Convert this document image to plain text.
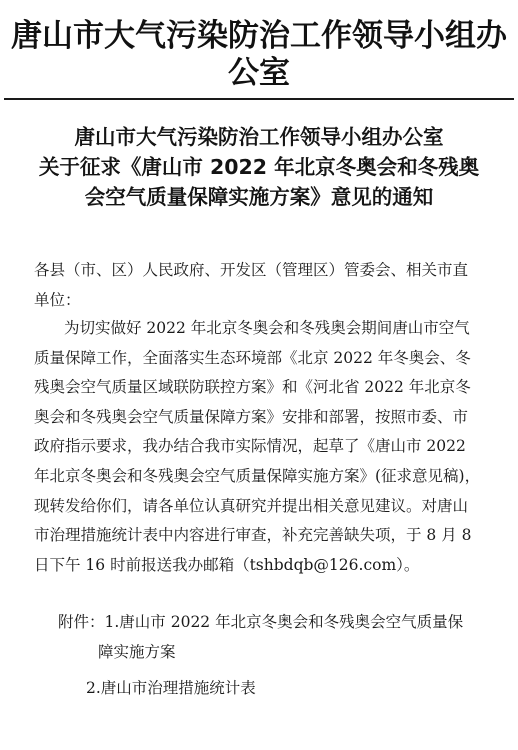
唐山市大气污染防治工作领导小组办公室
唐山市大气污染防治工作领导小组办公室
关于征求《唐山市 2022 年北京冬奥会和冬残奥
会空气质量保障实施方案》意见的通知
各县（市、区）人民政府、开发区（管理区）管委会、相关市直
单位：
为切实做好 2022 年北京冬奥会和冬残奥会期间唐山市空气
质量保障工作，全面落实生态环境部《北京 2022 年冬奥会、冬
残奥会空气质量区域联防联控方案》和《河北省 2022 年北京冬
奥会和冬残奥会空气质量保障方案》安排和部署，按照市委、市
政府指示要求，我办结合我市实际情况，起草了《唐山市 2022
年北京冬奥会和冬残奥会空气质量保障实施方案》(征求意见稿)，
现转发给你们，请各单位认真研究并提出相关意见建议。对唐山
市治理措施统计表中内容进行审查，补充完善缺失项，于 8 月 8
日下午 16 时前报送我办邮箱（tshbdqb@126.com）。
附件：1.唐山市 2022 年北京冬奥会和冬残奥会空气质量保
障实施方案
2.唐山市治理措施统计表
